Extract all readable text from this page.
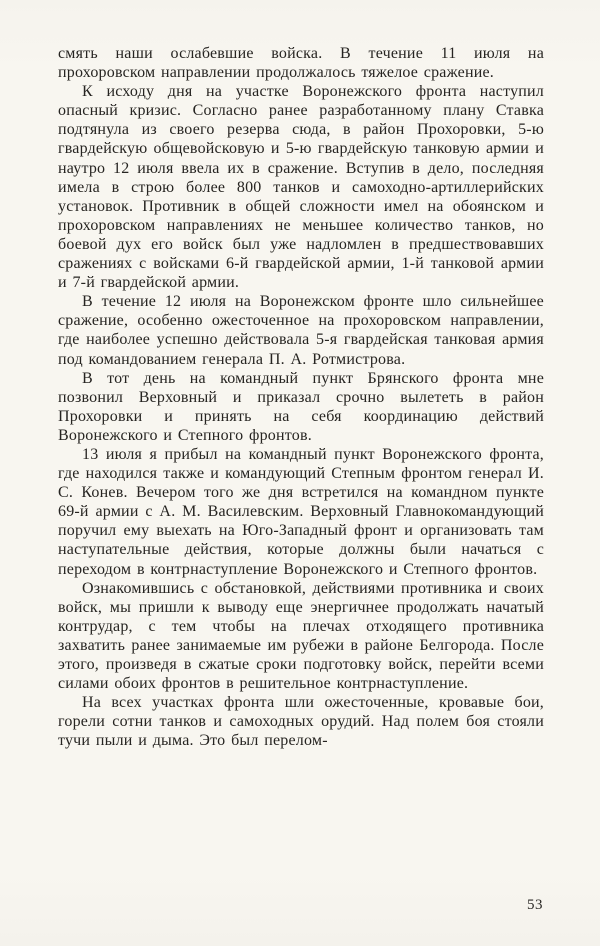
смять наши ослабевшие войска. В течение 11 июля на прохоровском направлении продолжалось тяжелое сражение.

К исходу дня на участке Воронежского фронта наступил опасный кризис. Согласно ранее разработанному плану Ставка подтянула из своего резерва сюда, в район Прохоровки, 5-ю гвардейскую общевойсковую и 5-ю гвардейскую танковую армии и наутро 12 июля ввела их в сражение. Вступив в дело, последняя имела в строю более 800 танков и самоходно-артиллерийских установок. Противник в общей сложности имел на обоянском и прохоровском направлениях не меньшее количество танков, но боевой дух его войск был уже надломлен в предшествовавших сражениях с войсками 6-й гвардейской армии, 1-й танковой армии и 7-й гвардейской армии.

В течение 12 июля на Воронежском фронте шло сильнейшее сражение, особенно ожесточенное на прохоровском направлении, где наиболее успешно действовала 5-я гвардейская танковая армия под командованием генерала П. А. Ротмистрова.

В тот день на командный пункт Брянского фронта мне позвонил Верховный и приказал срочно вылететь в район Прохоровки и принять на себя координацию действий Воронежского и Степного фронтов.

13 июля я прибыл на командный пункт Воронежского фронта, где находился также и командующий Степным фронтом генерал И. С. Конев. Вечером того же дня встретился на командном пункте 69-й армии с А. М. Василевским. Верховный Главнокомандующий поручил ему выехать на Юго-Западный фронт и организовать там наступательные действия, которые должны были начаться с переходом в контрнаступление Воронежского и Степного фронтов.

Ознакомившись с обстановкой, действиями противника и своих войск, мы пришли к выводу еще энергичнее продолжать начатый контрудар, с тем чтобы на плечах отходящего противника захватить ранее занимаемые им рубежи в районе Белгорода. После этого, произведя в сжатые сроки подготовку войск, перейти всеми силами обоих фронтов в решительное контрнаступление.

На всех участках фронта шли ожесточенные, кровавые бои, горели сотни танков и самоходных орудий. Над полем боя стояли тучи пыли и дыма. Это был перелом-

53
